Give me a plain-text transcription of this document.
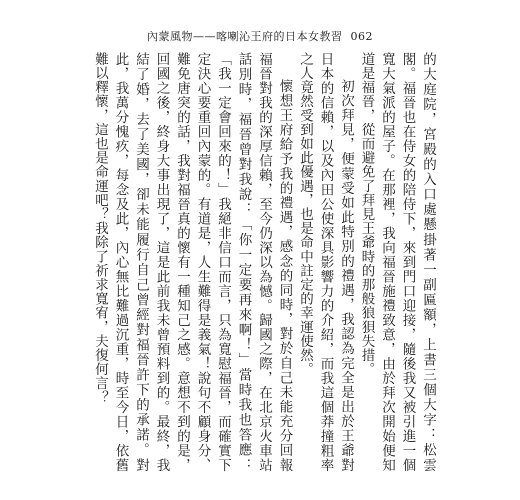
內蒙風物——喀喇沁王府的日本女教習 062

的大庭院，宮殿的入口處懸掛著一副匾額，上書三個大字：松雲閣。福晉也在侍女的陪侍下，來到門口迎接，隨後我又被引進一個寬大氣派的屋子。在那裡，我向福晉施禮致意，由於拜次開始便知道是福晉，從而避免了拜見王爺時的那般狼狽失措。

初次拜見，便蒙受如此特別的禮遇，我認為完全是出於王爺對日本的信賴，以及內田公使深具影響力的介紹，而我這個莽撞粗率之人竟然受到如此優遇，也是命中註定的幸運使然。

懷想王府給予我的禮遇，感念的同時，對於自己未能充分回報福晉對我的深厚信賴，至今仍深以為憾。歸國之際，在北京火車站話別時，福晉曾對我說：「你一定要再來啊！」當時我也答應：「我一定會回來的！」我絕非信口而言，只為寬慰福晉，而確實下定決心要重回內蒙的。有道是，人生難得是義氣！說句不顧身分、難免唐突的話，我對福晉真的懷有一種知己之感。意想不到的是，回國之後，終身大事出現了，這是此前我未曾預料到的。最終，我結了婚，去了美國，卻未能履行自己曾經對福晉許下的承諾。對此，我萬分愧疚，每念及此，內心無比難過沉重，時至今日，依舊難以釋懷，這也是命運吧？我除了祈求寬宥，夫復何言？
